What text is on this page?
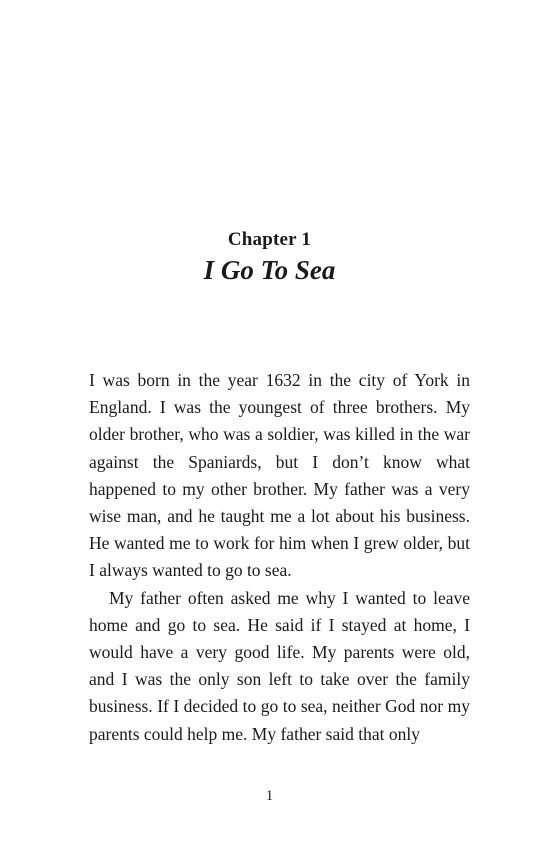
Chapter 1
I Go To Sea

I was born in the year 1632 in the city of York in England. I was the youngest of three brothers. My older brother, who was a soldier, was killed in the war against the Spaniards, but I don’t know what happened to my other brother. My father was a very wise man, and he taught me a lot about his business. He wanted me to work for him when I grew older, but I always wanted to go to sea.

My father often asked me why I wanted to leave home and go to sea. He said if I stayed at home, I would have a very good life. My parents were old, and I was the only son left to take over the family business. If I decided to go to sea, neither God nor my parents could help me. My father said that only

1
